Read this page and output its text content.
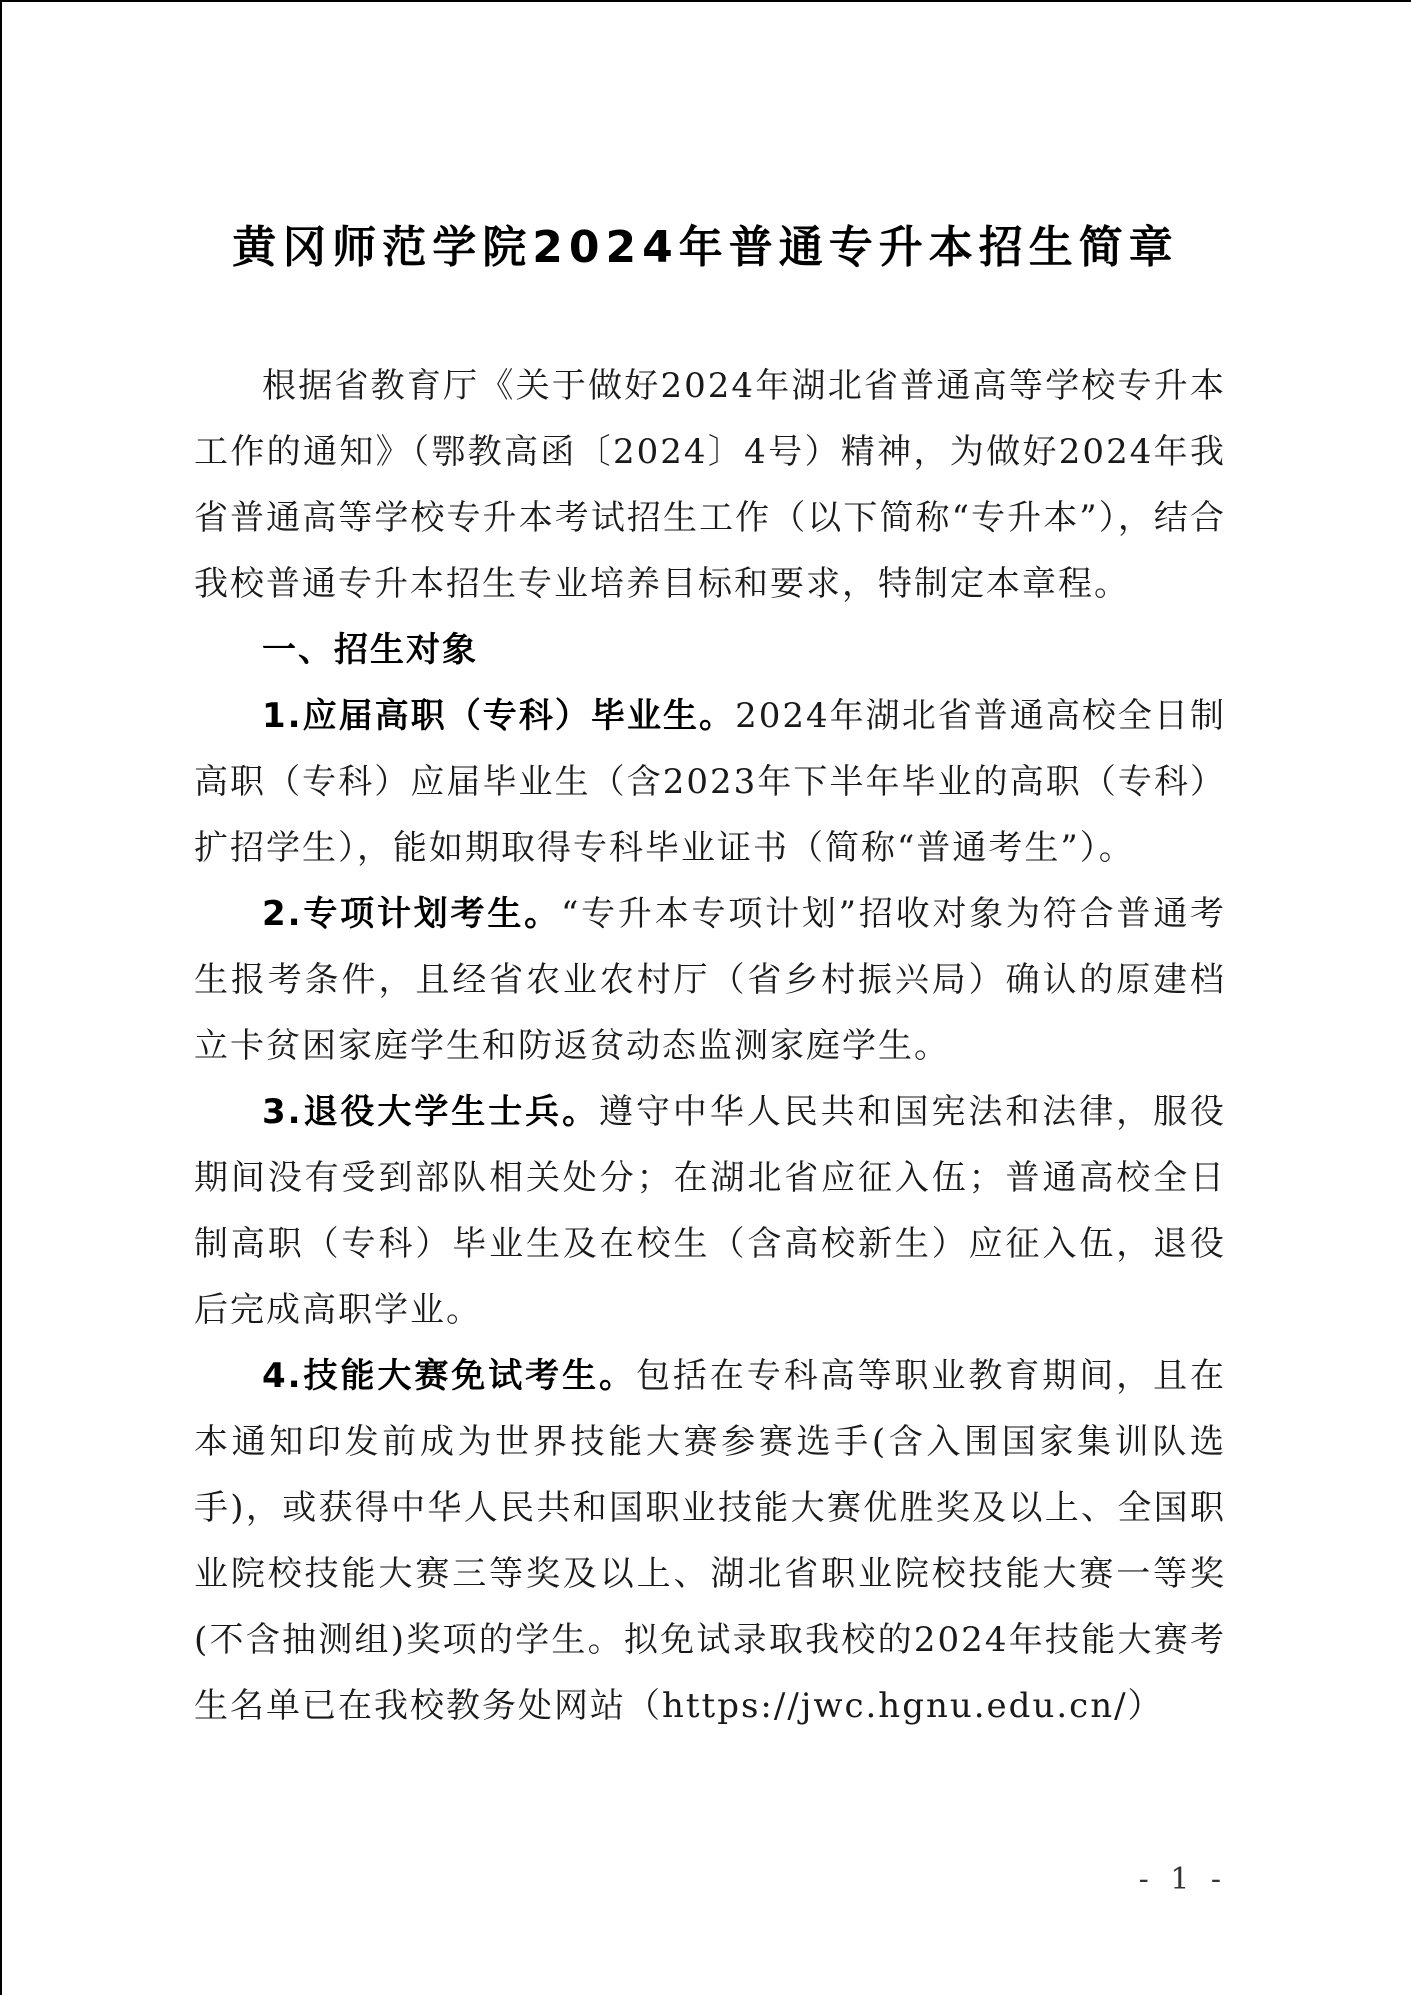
黄冈师范学院2024年普通专升本招生简章

根据省教育厅《关于做好2024年湖北省普通高等学校专升本工作的通知》（鄂教高函〔2024〕4号）精神，为做好2024年我省普通高等学校专升本考试招生工作（以下简称“专升本”），结合我校普通专升本招生专业培养目标和要求，特制定本章程。

一、招生对象

1.应届高职（专科）毕业生。2024年湖北省普通高校全日制高职（专科）应届毕业生（含2023年下半年毕业的高职（专科）扩招学生），能如期取得专科毕业证书（简称“普通考生”）。

2.专项计划考生。“专升本专项计划”招收对象为符合普通考生报考条件，且经省农业农村厅（省乡村振兴局）确认的原建档立卡贫困家庭学生和防返贫动态监测家庭学生。

3.退役大学生士兵。遵守中华人民共和国宪法和法律，服役期间没有受到部队相关处分；在湖北省应征入伍；普通高校全日制高职（专科）毕业生及在校生（含高校新生）应征入伍，退役后完成高职学业。

4.技能大赛免试考生。包括在专科高等职业教育期间，且在本通知印发前成为世界技能大赛参赛选手(含入围国家集训队选手)，或获得中华人民共和国职业技能大赛优胜奖及以上、全国职业院校技能大赛三等奖及以上、湖北省职业院校技能大赛一等奖(不含抽测组)奖项的学生。拟免试录取我校的2024年技能大赛考生名单已在我校教务处网站（https://jwc.hgnu.edu.cn/）

- 1 -
